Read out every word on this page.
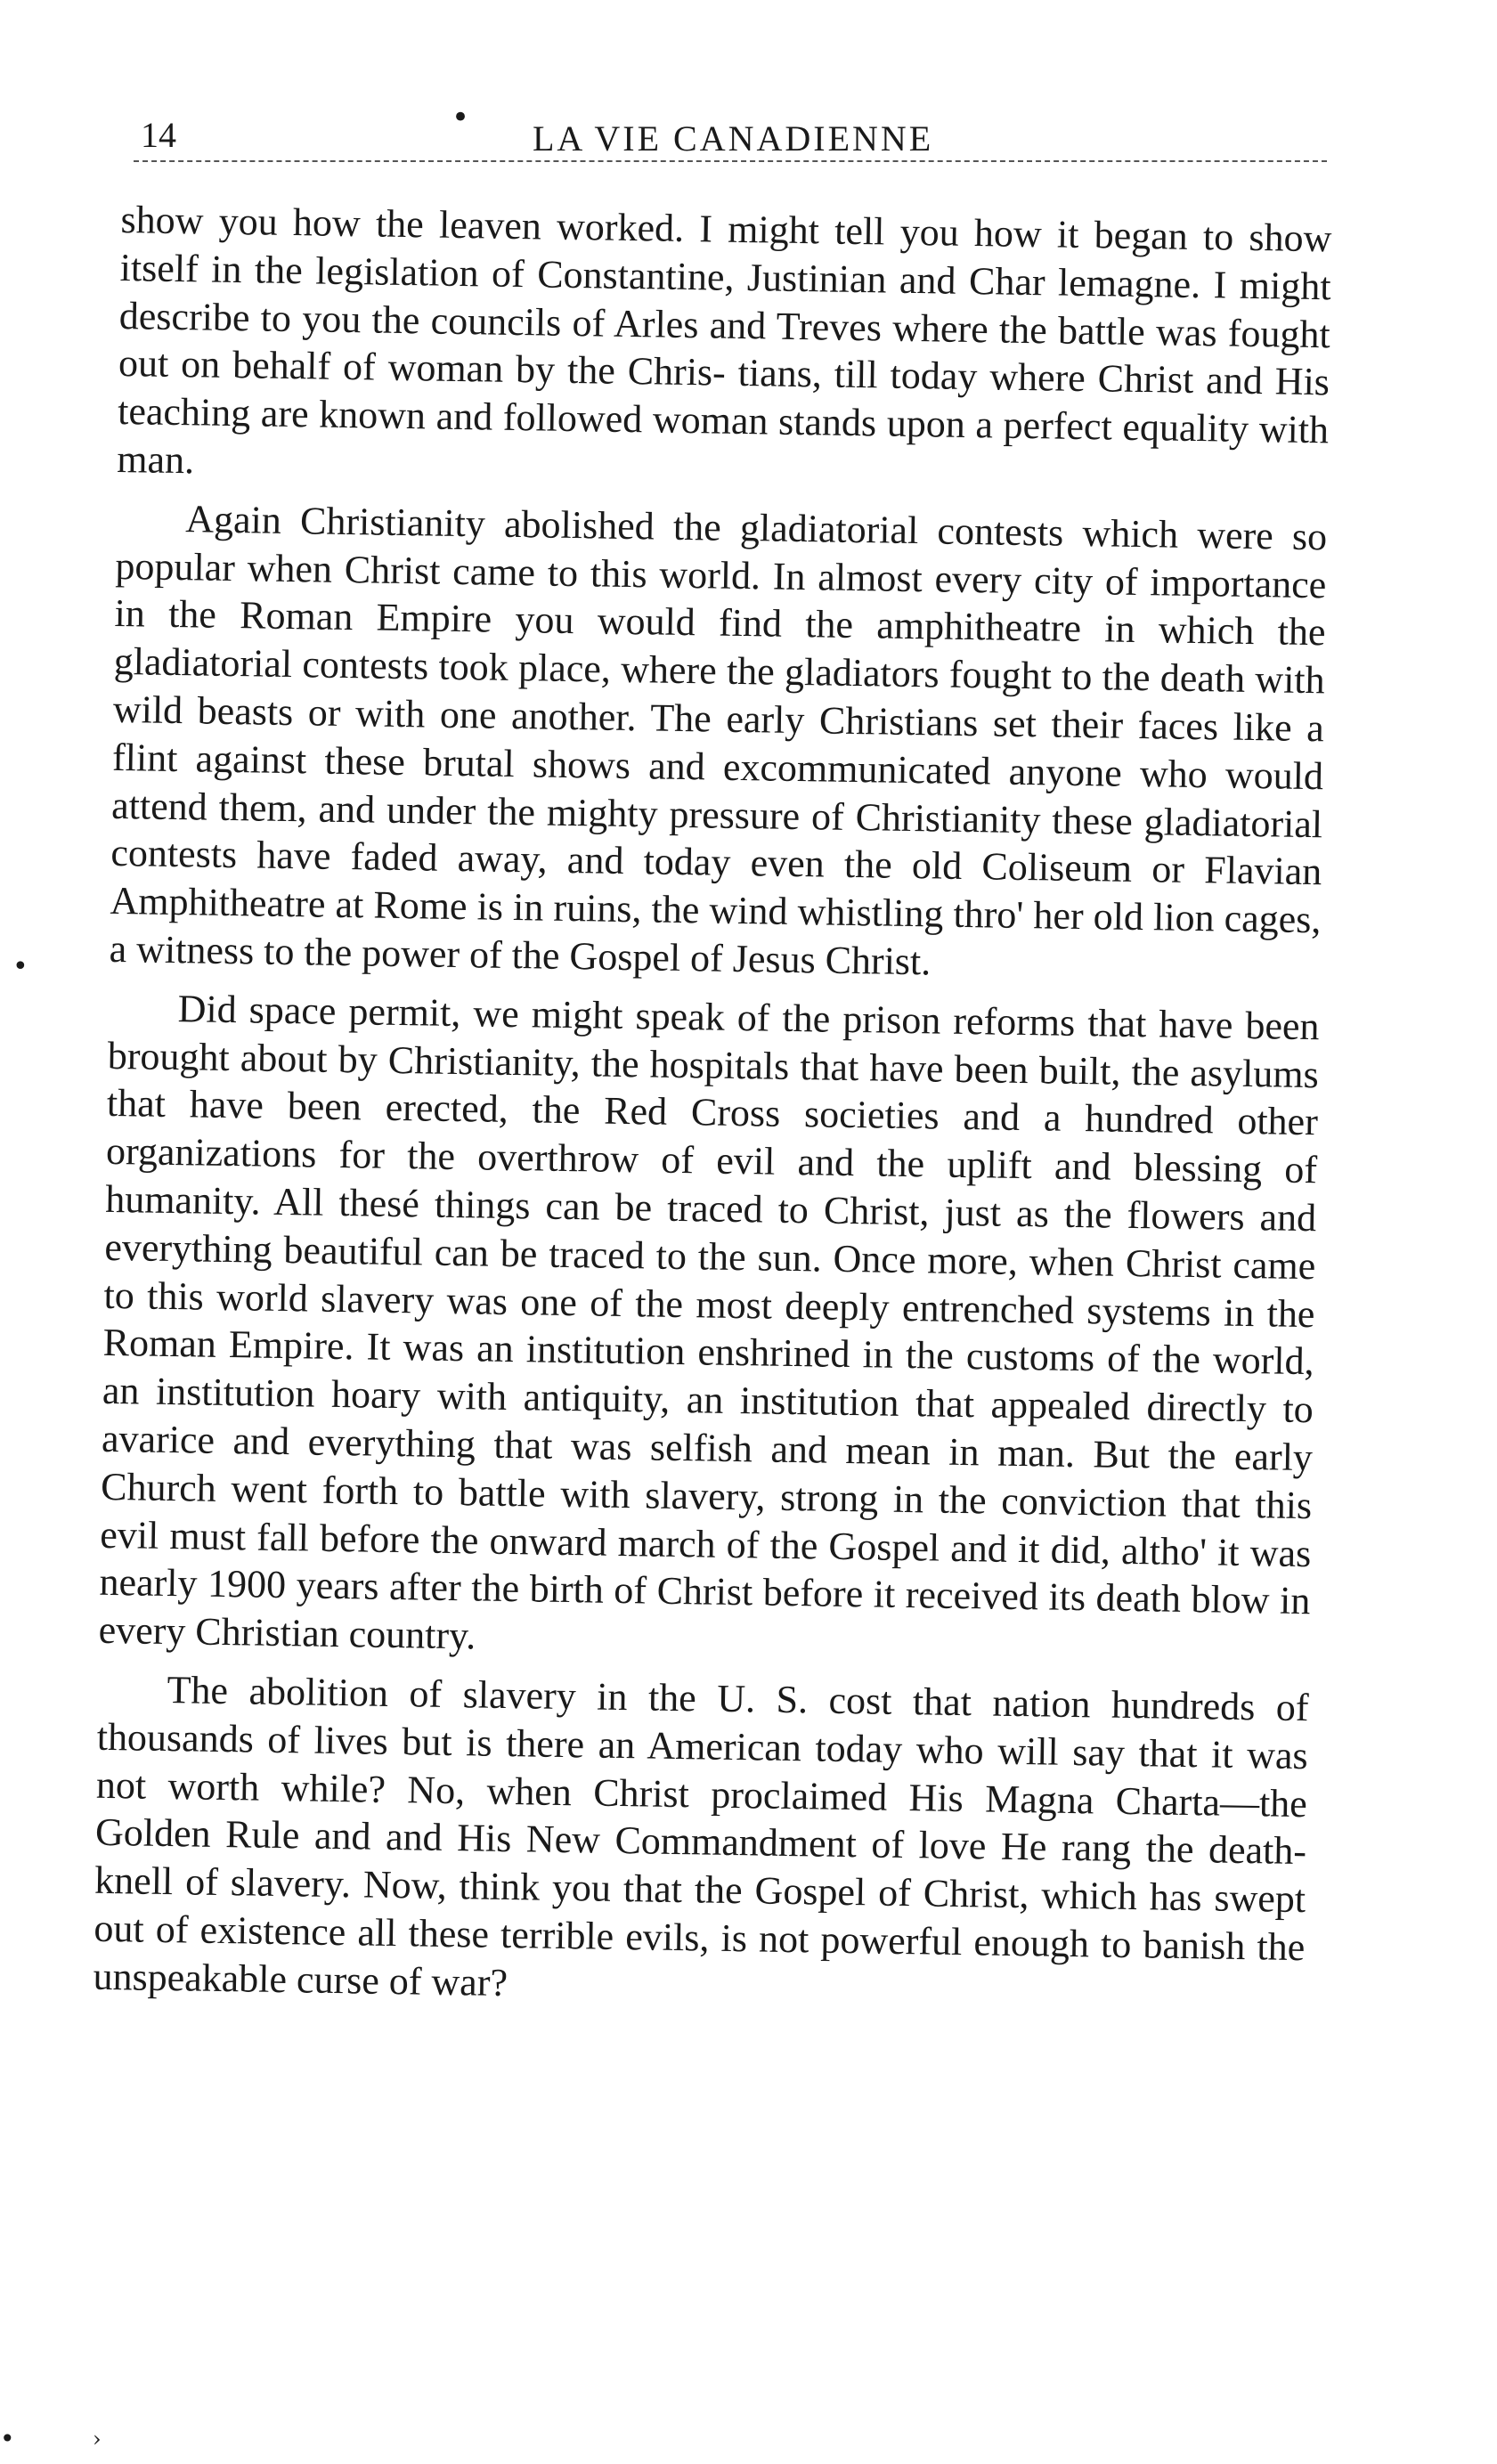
14	•
LA VIE CANADIENNE

show you how the leaven worked. I might tell you how it began to show itself in the legislation of Constantine, Justinian and Char lemagne. I might describe to you the councils of Arles and Treves where the battle was fought out on behalf of woman by the Chris- tians, till today where Christ and His teaching are known and followed woman stands upon a perfect equality with man.

Again Christianity abolished the gladiatorial contests which were so popular when Christ came to this world. In almost every city of importance in the Roman Empire you would find the amphitheatre in which the gladiatorial contests took place, where the gladiators fought to the death with wild beasts or with one another. The early Christians set their faces like a flint against these brutal shows and excommunicated anyone who would attend them, and under the mighty pressure of Christianity these gladiatorial contests have faded away, and today even the old Coliseum or Flavian Amphitheatre at Rome is in ruins, the wind whistling thro' her old lion cages, a witness to the power of the Gospel of Jesus Christ.

Did space permit, we might speak of the prison reforms that have been brought about by Christianity, the hospitals that have been built, the asylums that have been erected, the Red Cross societies and a hundred other organizations for the overthrow of evil and the uplift and blessing of humanity. All thesé things can be traced to Christ, just as the flowers and everything beautiful can be traced to the sun. Once more, when Christ came to this world slavery was one of the most deeply entrenched systems in the Roman Empire. It was an institution enshrined in the customs of the world, an institution hoary with antiquity, an institution that appealed directly to avarice and everything that was selfish and mean in man. But the early Church went forth to battle with slavery, strong in the conviction that this evil must fall before the onward march of the Gospel and it did, altho' it was nearly 1900 years after the birth of Christ before it received its death blow in every Christian country.

The abolition of slavery in the U. S. cost that nation hundreds of thousands of lives but is there an American today who will say that it was not worth while? No, when Christ proclaimed His Magna Charta—the Golden Rule and and His New Commandment of love He rang the death-knell of slavery. Now, think you that the Gospel of Christ, which has swept out of existence all these terrible evils, is not powerful enough to banish the unspeakable curse of war?

•
•	›
